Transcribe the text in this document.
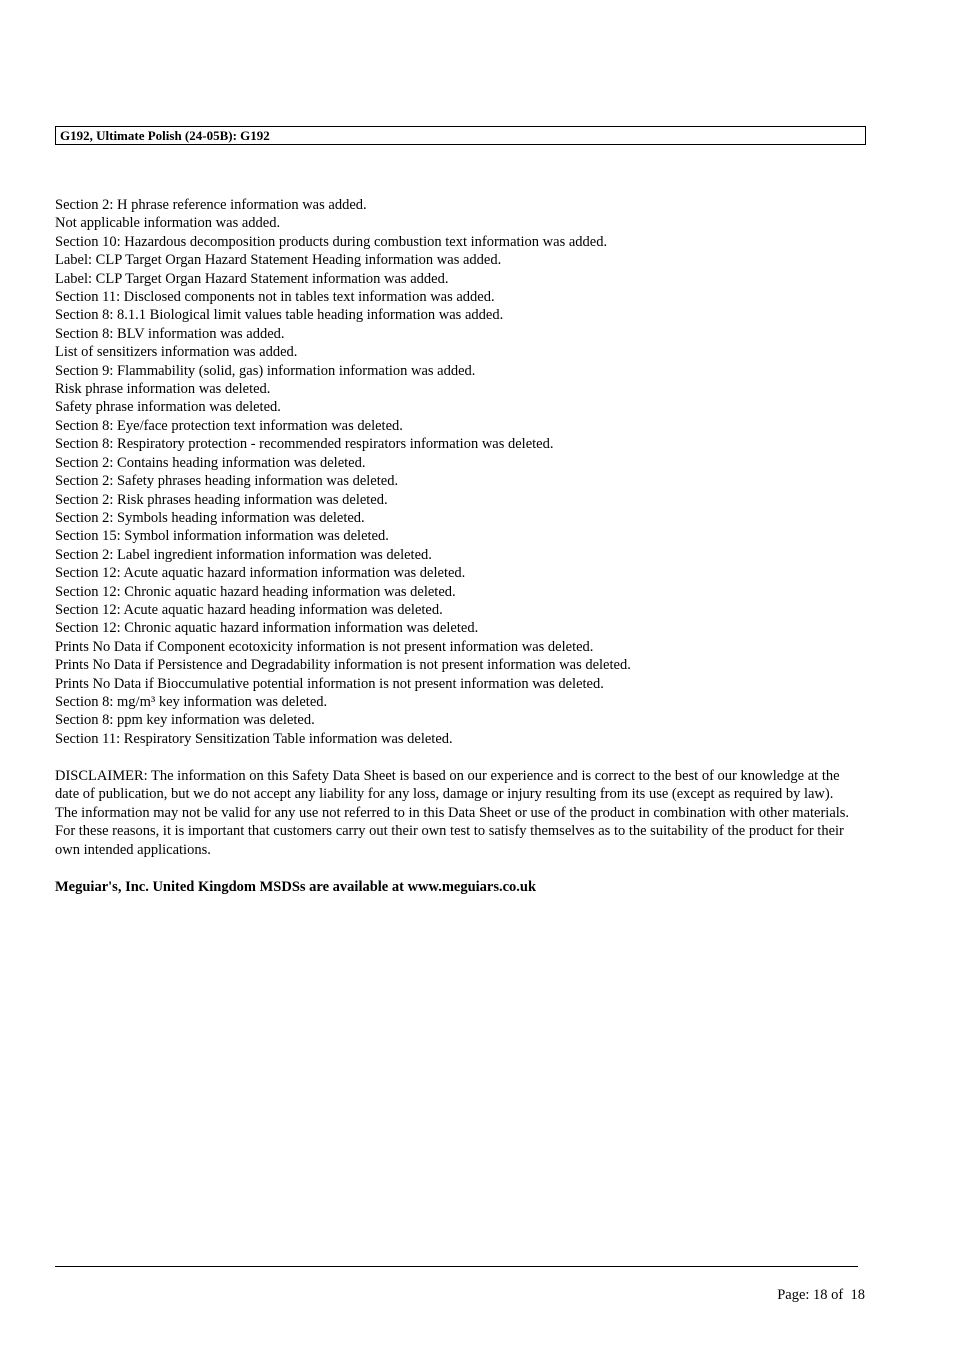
G192, Ultimate Polish (24-05B): G192
Section 2: H phrase reference information was added.
Not applicable information was added.
Section 10: Hazardous decomposition products during combustion text information was added.
Label: CLP Target Organ Hazard Statement Heading information was added.
Label: CLP Target Organ Hazard Statement information was added.
Section 11: Disclosed components not in tables text information was added.
Section 8: 8.1.1 Biological limit values table heading information was added.
Section 8: BLV information was added.
List of sensitizers information was added.
Section 9: Flammability (solid, gas) information information was added.
Risk phrase information was deleted.
Safety phrase information was deleted.
Section 8: Eye/face protection text information was deleted.
Section 8: Respiratory protection - recommended respirators information was deleted.
Section 2: Contains heading information was deleted.
Section 2: Safety phrases heading information was deleted.
Section 2: Risk phrases heading information was deleted.
Section 2: Symbols heading information was deleted.
Section 15: Symbol information information was deleted.
Section 2: Label ingredient information information was deleted.
Section 12: Acute aquatic hazard information information was deleted.
Section 12: Chronic aquatic hazard heading information was deleted.
Section 12: Acute aquatic hazard heading information was deleted.
Section 12: Chronic aquatic hazard information information was deleted.
Prints No Data if Component ecotoxicity information is not present information was deleted.
Prints No Data if Persistence and Degradability information is not present information was deleted.
Prints No Data if Bioccumulative potential information is not present information was deleted.
Section 8: mg/m³ key information was deleted.
Section 8: ppm key information was deleted.
Section 11: Respiratory Sensitization Table information was deleted.

DISCLAIMER: The information on this Safety Data Sheet is based on our experience and is correct to the best of our knowledge at the date of publication, but we do not accept any liability for any loss, damage or injury resulting from its use (except as required by law). The information may not be valid for any use not referred to in this Data Sheet or use of the product in combination with other materials. For these reasons, it is important that customers carry out their own test to satisfy themselves as to the suitability of the product for their own intended applications.

Meguiar's, Inc. United Kingdom MSDSs are available at www.meguiars.co.uk

Page: 18 of  18
